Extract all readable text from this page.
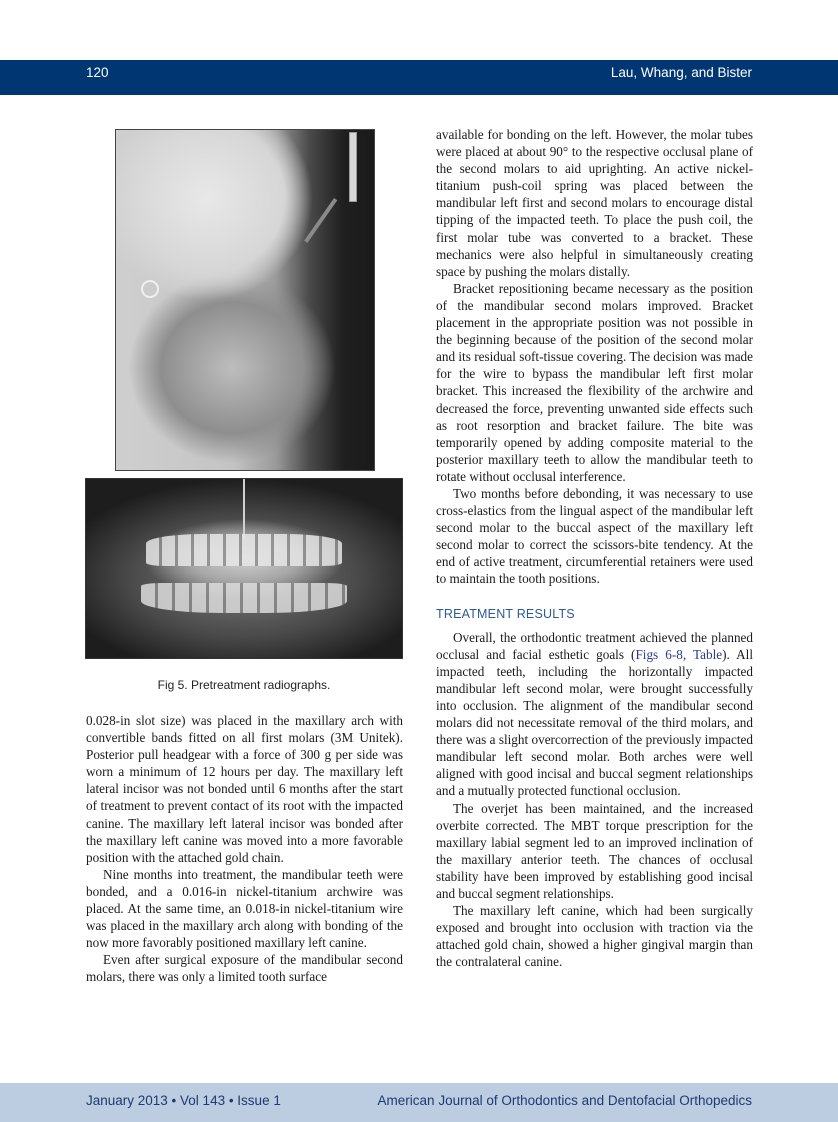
120	Lau, Whang, and Bister
Fig 5. Pretreatment radiographs.

0.028-in slot size) was placed in the maxillary arch with convertible bands fitted on all first molars (3M Unitek). Posterior pull headgear with a force of 300 g per side was worn a minimum of 12 hours per day. The maxillary left lateral incisor was not bonded until 6 months after the start of treatment to prevent contact of its root with the impacted canine. The maxillary left lateral incisor was bonded after the maxillary left canine was moved into a more favorable position with the attached gold chain.

Nine months into treatment, the mandibular teeth were bonded, and a 0.016-in nickel-titanium archwire was placed. At the same time, an 0.018-in nickel-titanium wire was placed in the maxillary arch along with bonding of the now more favorably positioned maxillary left canine.

Even after surgical exposure of the mandibular second molars, there was only a limited tooth surface

available for bonding on the left. However, the molar tubes were placed at about 90° to the respective occlusal plane of the second molars to aid uprighting. An active nickel-titanium push-coil spring was placed between the mandibular left first and second molars to encourage distal tipping of the impacted teeth. To place the push coil, the first molar tube was converted to a bracket. These mechanics were also helpful in simultaneously creating space by pushing the molars distally.

Bracket repositioning became necessary as the position of the mandibular second molars improved. Bracket placement in the appropriate position was not possible in the beginning because of the position of the second molar and its residual soft-tissue covering. The decision was made for the wire to bypass the mandibular left first molar bracket. This increased the flexibility of the archwire and decreased the force, preventing unwanted side effects such as root resorption and bracket failure. The bite was temporarily opened by adding composite material to the posterior maxillary teeth to allow the mandibular teeth to rotate without occlusal interference.

Two months before debonding, it was necessary to use cross-elastics from the lingual aspect of the mandibular left second molar to the buccal aspect of the maxillary left second molar to correct the scissors-bite tendency. At the end of active treatment, circumferential retainers were used to maintain the tooth positions.

TREATMENT RESULTS

Overall, the orthodontic treatment achieved the planned occlusal and facial esthetic goals (Figs 6-8, Table). All impacted teeth, including the horizontally impacted mandibular left second molar, were brought successfully into occlusion. The alignment of the mandibular second molars did not necessitate removal of the third molars, and there was a slight overcorrection of the previously impacted mandibular left second molar. Both arches were well aligned with good incisal and buccal segment relationships and a mutually protected functional occlusion.

The overjet has been maintained, and the increased overbite corrected. The MBT torque prescription for the maxillary labial segment led to an improved inclination of the maxillary anterior teeth. The chances of occlusal stability have been improved by establishing good incisal and buccal segment relationships.

The maxillary left canine, which had been surgically exposed and brought into occlusion with traction via the attached gold chain, showed a higher gingival margin than the contralateral canine.

January 2013 • Vol 143 • Issue 1	American Journal of Orthodontics and Dentofacial Orthopedics
